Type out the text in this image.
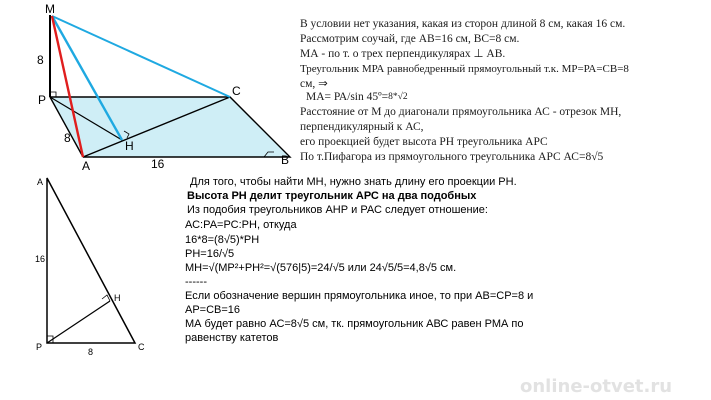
M
P
A
H
C
B
8
8
16
A
H
P	C
16
8
online-otvet.ru
В условии нет указания, какая из сторон длиной 8 см, какая 16 см.
Рассмотрим соучай, где АВ=16 см, ВС=8 см.
МА - по т. о трех перпендикулярах ⊥ АВ.
Треугольник МРА равнобедренный прямоугольный т.к. МР=РА=СВ=8
см, ⇒
МА= РА/sin 45º=8*√2
Расстояние от М до диагонали прямоугольника АС - отрезок МН,
перпендикулярный к АС,
его проекцией будет высота РН треугольника АРС
По т.Пифагора из прямоугольного треугольника АРС АС=8√5
Для того, чтобы найти МН, нужно знать длину его проекции РН.
Высота РН делит треугольник АРС на два подобных
Из подобия треугольников АНР и РАС следует отношение:
АС:РА=РС:РН, откуда
16*8=(8√5)*РН
РН=16/√5
МН=√(МР²+РН²=√(576|5)=24/√5 или 24√5/5=4,8√5 см.
------
Если обозначение вершин прямоугольника иное, то при АВ=СР=8 и
АР=СВ=16
МА будет равно АС=8√5 см, тк. прямоугольник АВС равен РМА по
равенству катетов
